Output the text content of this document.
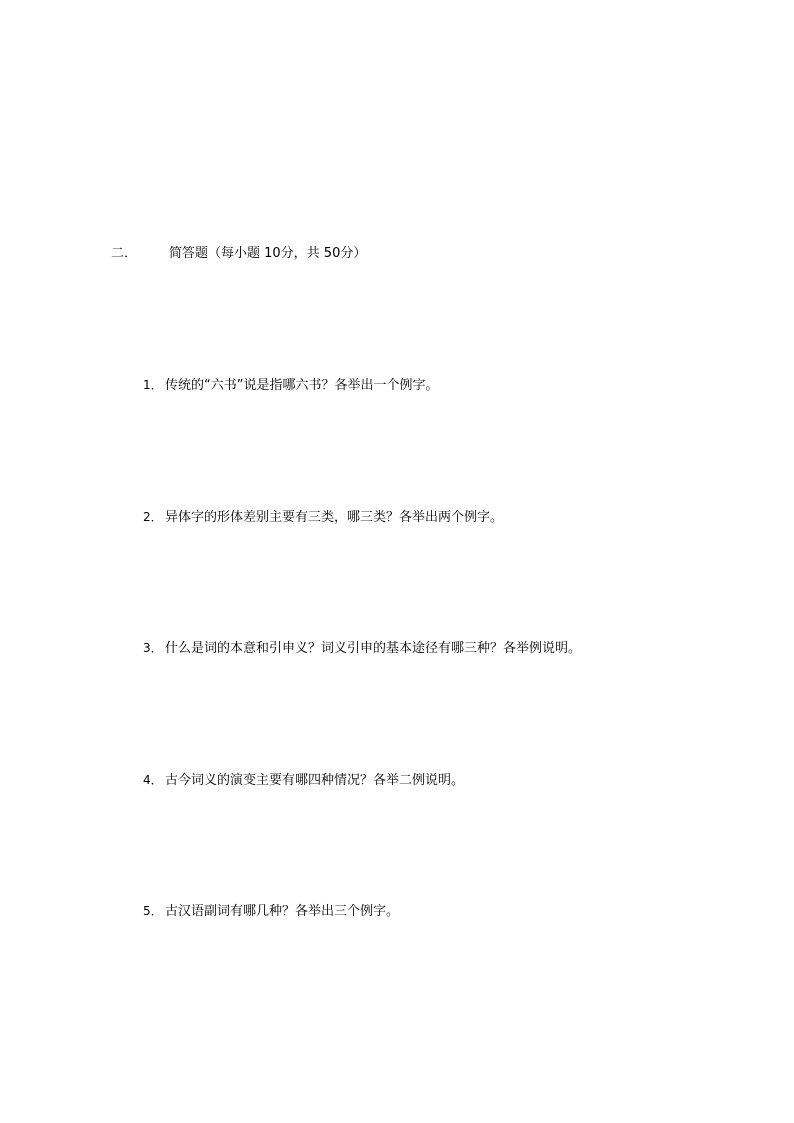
二． 简答题（每小题 10分，共 50分）
1． 传统的“六书”说是指哪六书？各举出一个例字。
2． 异体字的形体差别主要有三类，哪三类？各举出两个例字。
3． 什么是词的本意和引申义？词义引申的基本途径有哪三种？各举例说明。
4． 古今词义的演变主要有哪四种情况？各举二例说明。
5． 古汉语副词有哪几种？各举出三个例字。
